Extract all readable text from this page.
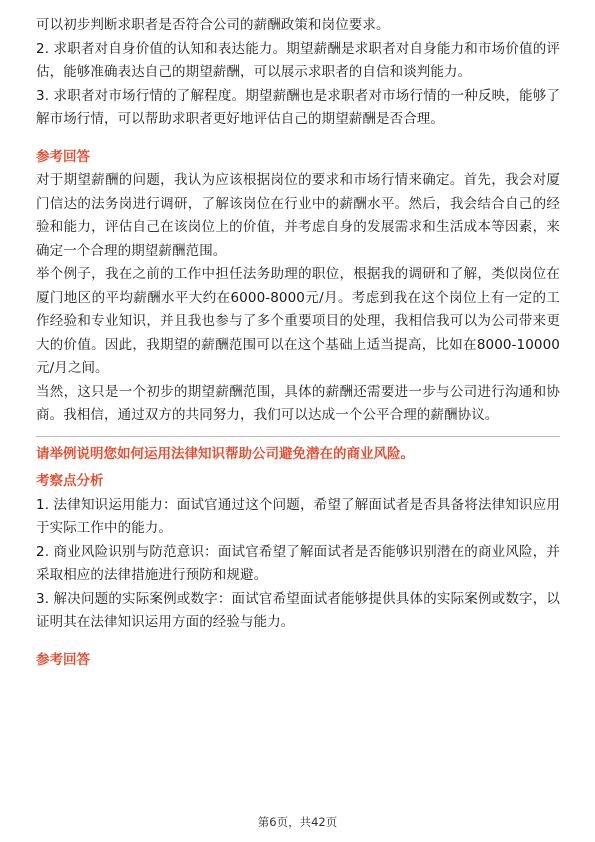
可以初步判断求职者是否符合公司的薪酬政策和岗位要求。

2. 求职者对自身价值的认知和表达能力。期望薪酬是求职者对自身能力和市场价值的评估，能够准确表达自己的期望薪酬，可以展示求职者的自信和谈判能力。

3. 求职者对市场行情的了解程度。期望薪酬也是求职者对市场行情的一种反映，能够了解市场行情，可以帮助求职者更好地评估自己的期望薪酬是否合理。

参考回答

对于期望薪酬的问题，我认为应该根据岗位的要求和市场行情来确定。首先，我会对厦门信达的法务岗进行调研，了解该岗位在行业中的薪酬水平。然后，我会结合自己的经验和能力，评估自己在该岗位上的价值，并考虑自身的发展需求和生活成本等因素，来确定一个合理的期望薪酬范围。

举个例子，我在之前的工作中担任法务助理的职位，根据我的调研和了解，类似岗位在厦门地区的平均薪酬水平大约在6000-8000元/月。考虑到我在这个岗位上有一定的工作经验和专业知识，并且我也参与了多个重要项目的处理，我相信我可以为公司带来更大的价值。因此，我期望的薪酬范围可以在这个基础上适当提高，比如在8000-10000元/月之间。

当然，这只是一个初步的期望薪酬范围，具体的薪酬还需要进一步与公司进行沟通和协商。我相信，通过双方的共同努力，我们可以达成一个公平合理的薪酬协议。

请举例说明您如何运用法律知识帮助公司避免潜在的商业风险。
考察点分析

1. 法律知识运用能力：面试官通过这个问题，希望了解面试者是否具备将法律知识应用于实际工作中的能力。

2. 商业风险识别与防范意识：面试官希望了解面试者是否能够识别潜在的商业风险，并采取相应的法律措施进行预防和规避。

3. 解决问题的实际案例或数字：面试官希望面试者能够提供具体的实际案例或数字，以证明其在法律知识运用方面的经验与能力。

参考回答
第6页，共42页
